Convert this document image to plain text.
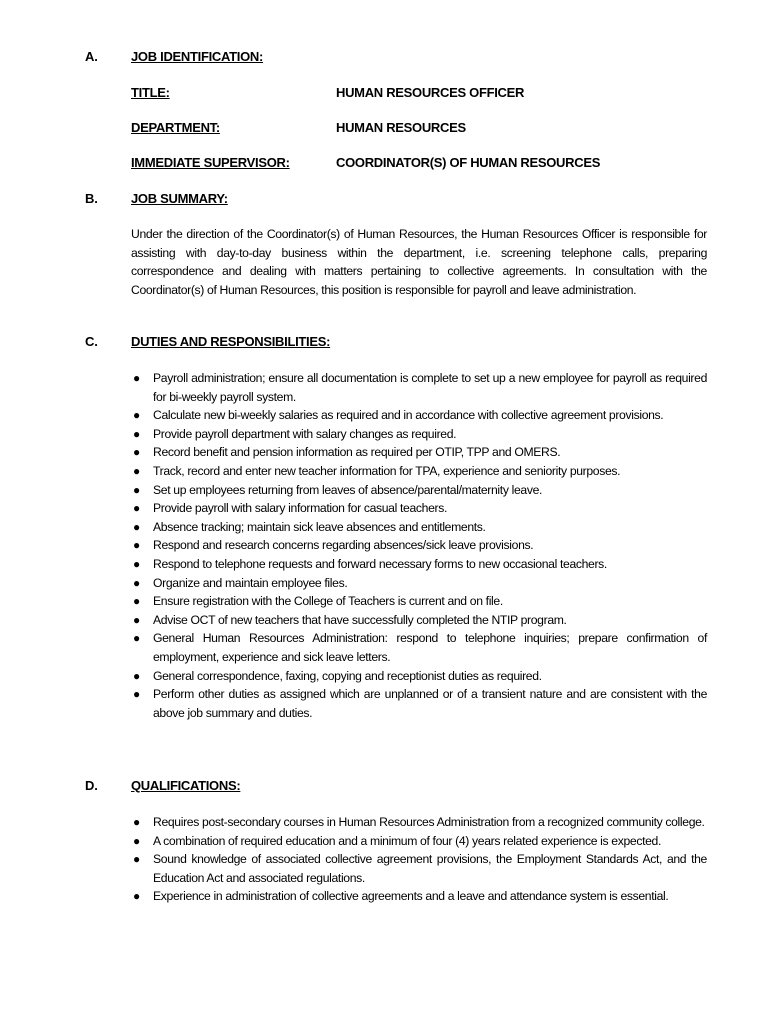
A.	JOB IDENTIFICATION:
TITLE:	HUMAN RESOURCES OFFICER
DEPARTMENT:	HUMAN RESOURCES
IMMEDIATE SUPERVISOR:	COORDINATOR(S) OF HUMAN RESOURCES
B.	JOB SUMMARY:
Under the direction of the Coordinator(s) of Human Resources, the Human Resources Officer is responsible for assisting with day-to-day business within the department, i.e. screening telephone calls, preparing correspondence and dealing with matters pertaining to collective agreements. In consultation with the Coordinator(s) of Human Resources, this position is responsible for payroll and leave administration.
C.	DUTIES AND RESPONSIBILITIES:
● Payroll administration; ensure all documentation is complete to set up a new employee for payroll as required for bi-weekly payroll system.
● Calculate new bi-weekly salaries as required and in accordance with collective agreement provisions.
● Provide payroll department with salary changes as required.
● Record benefit and pension information as required per OTIP, TPP and OMERS.
● Track, record and enter new teacher information for TPA, experience and seniority purposes.
● Set up employees returning from leaves of absence/parental/maternity leave.
● Provide payroll with salary information for casual teachers.
● Absence tracking; maintain sick leave absences and entitlements.
● Respond and research concerns regarding absences/sick leave provisions.
● Respond to telephone requests and forward necessary forms to new occasional teachers.
● Organize and maintain employee files.
● Ensure registration with the College of Teachers is current and on file.
● Advise OCT of new teachers that have successfully completed the NTIP program.
● General Human Resources Administration: respond to telephone inquiries; prepare confirmation of employment, experience and sick leave letters.
● General correspondence, faxing, copying and receptionist duties as required.
● Perform other duties as assigned which are unplanned or of a transient nature and are consistent with the above job summary and duties.
D.	QUALIFICATIONS:
● Requires post-secondary courses in Human Resources Administration from a recognized community college.
● A combination of required education and a minimum of four (4) years related experience is expected.
● Sound knowledge of associated collective agreement provisions, the Employment Standards Act, and the Education Act and associated regulations.
● Experience in administration of collective agreements and a leave and attendance system is essential.
